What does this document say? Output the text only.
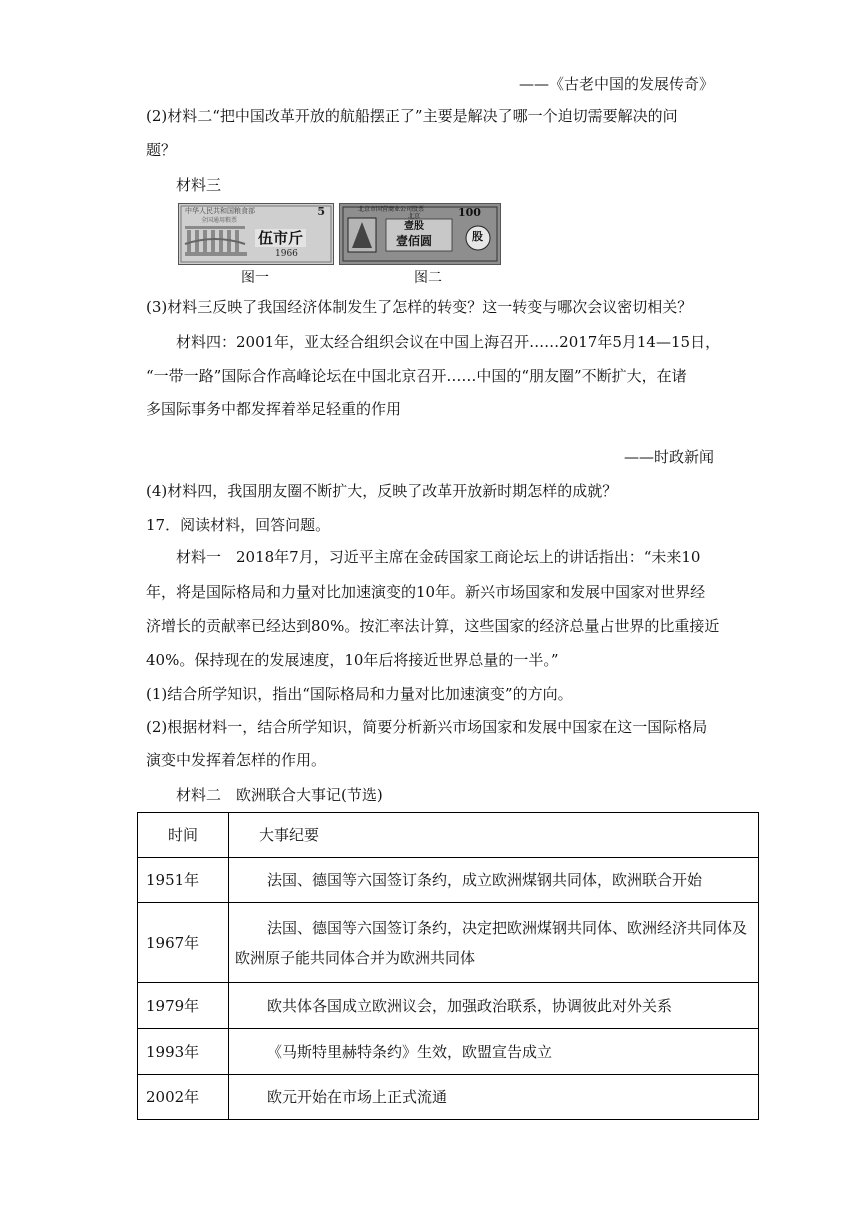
——《古老中国的发展传奇》
(2)材料二“把中国改革开放的航船摆正了”主要是解决了哪一个迫切需要解决的问
题？
材料三
中华人民共和国粮食部
全国通用粮票
5
伍市斤
1966
图一
北京市国营商业公司股票
北京	100
壹股
壹佰圆	股
图二
(3)材料三反映了我国经济体制发生了怎样的转变？这一转变与哪次会议密切相关？
材料四：2001年，亚太经合组织会议在中国上海召开……2017年5月14—15日，
“一带一路”国际合作高峰论坛在中国北京召开……中国的“朋友圈”不断扩大，在诸
多国际事务中都发挥着举足轻重的作用
——时政新闻
(4)材料四，我国朋友圈不断扩大，反映了改革开放新时期怎样的成就？
17．阅读材料，回答问题。
材料一　2018年7月，习近平主席在金砖国家工商论坛上的讲话指出：“未来10
年，将是国际格局和力量对比加速演变的10年。新兴市场国家和发展中国家对世界经
济增长的贡献率已经达到80%。按汇率法计算，这些国家的经济总量占世界的比重接近
40%。保持现在的发展速度，10年后将接近世界总量的一半。”
(1)结合所学知识，指出“国际格局和力量对比加速演变”的方向。
(2)根据材料一，结合所学知识，简要分析新兴市场国家和发展中国家在这一国际格局
演变中发挥着怎样的作用。
材料二　欧洲联合大事记(节选)
时间	大事纪要
1951年	法国、德国等六国签订条约，成立欧洲煤钢共同体，欧洲联合开始
1967年	法国、德国等六国签订条约，决定把欧洲煤钢共同体、欧洲经济共同体及
欧洲原子能共同体合并为欧洲共同体

1979年	欧共体各国成立欧洲议会，加强政治联系，协调彼此对外关系
1993年	《马斯特里赫特条约》生效，欧盟宣告成立
2002年	欧元开始在市场上正式流通
